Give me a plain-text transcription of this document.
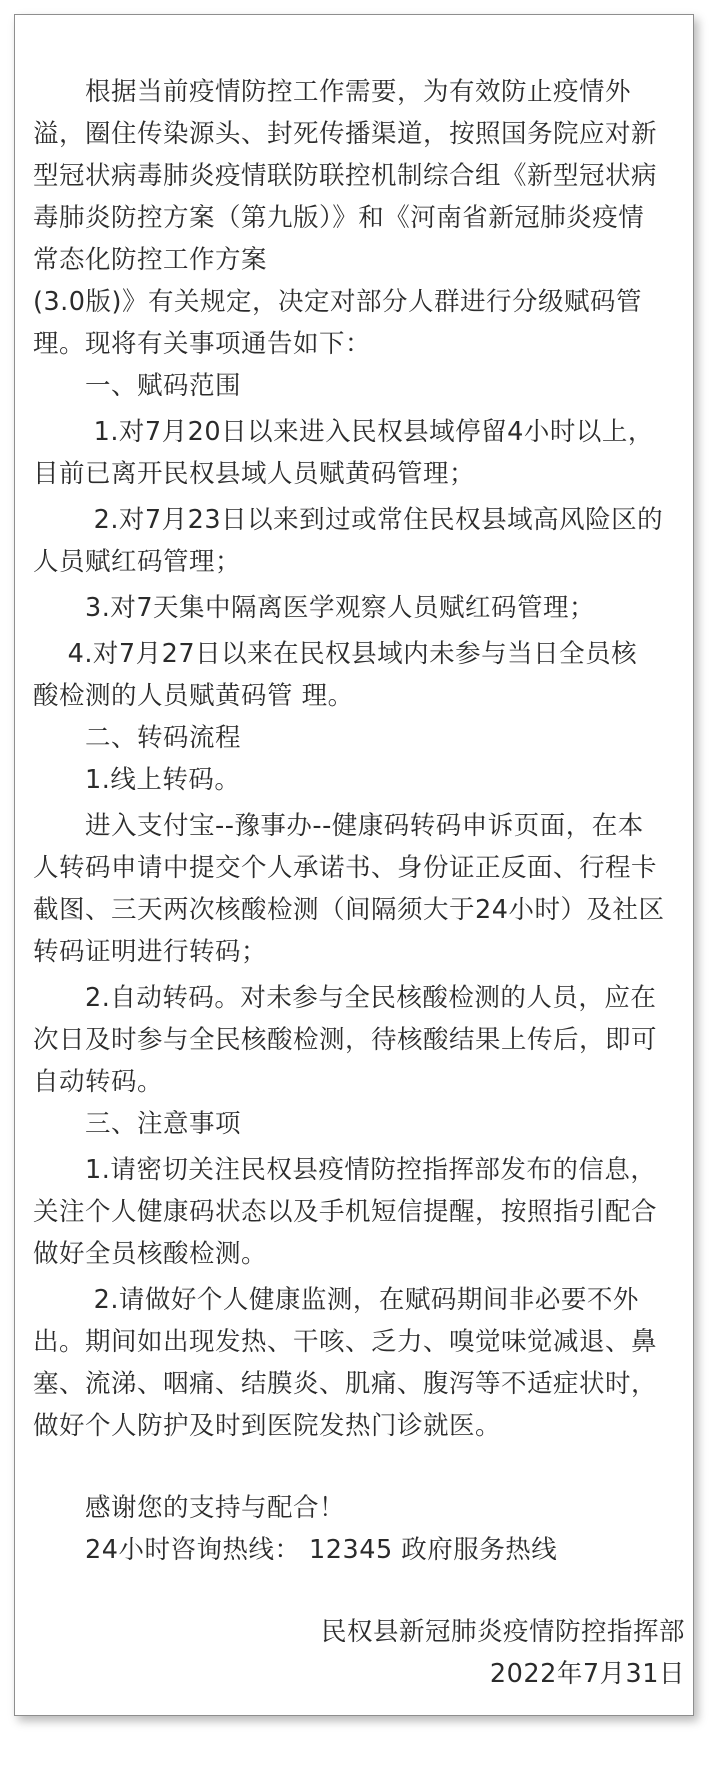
　　根据当前疫情防控工作需要，为有效防止疫情外

溢，圈住传染源头、封死传播渠道，按照国务院应对新

型冠状病毒肺炎疫情联防联控机制综合组《新型冠状病

毒肺炎防控方案（第九版）》和《河南省新冠肺炎疫情

常态化防控工作方案

(3.0版)》有关规定，决定对部分人群进行分级赋码管

理。现将有关事项通告如下：

　　一、赋码范围

　　 1.对7月20日以来进入民权县域停留4小时以上，

目前已离开民权县域人员赋黄码管理；

　　 2.对7月23日以来到过或常住民权县域高风险区的

人员赋红码管理；

　　3.对7天集中隔离医学观察人员赋红码管理；

　 4.对7月27日以来在民权县域内未参与当日全员核

酸检测的人员赋黄码管 理。

　　二、转码流程

　　1.线上转码。

　　进入支付宝--豫事办--健康码转码申诉页面，在本

人转码申请中提交个人承诺书、身份证正反面、行程卡

截图、三天两次核酸检测（间隔须大于24小时）及社区

转码证明进行转码；

　　2.自动转码。对未参与全民核酸检测的人员，应在

次日及时参与全民核酸检测，待核酸结果上传后，即可

自动转码。

　　三、注意事项

　　1.请密切关注民权县疫情防控指挥部发布的信息，

关注个人健康码状态以及手机短信提醒，按照指引配合

做好全员核酸检测。

　　 2.请做好个人健康监测，在赋码期间非必要不外

出。期间如出现发热、干咳、乏力、嗅觉味觉减退、鼻

塞、流涕、咽痛、结膜炎、肌痛、腹泻等不适症状时，

做好个人防护及时到医院发热门诊就医。

　　感谢您的支持与配合！

　　24小时咨询热线： 12345 政府服务热线

民权县新冠肺炎疫情防控指挥部

2022年7月31日
